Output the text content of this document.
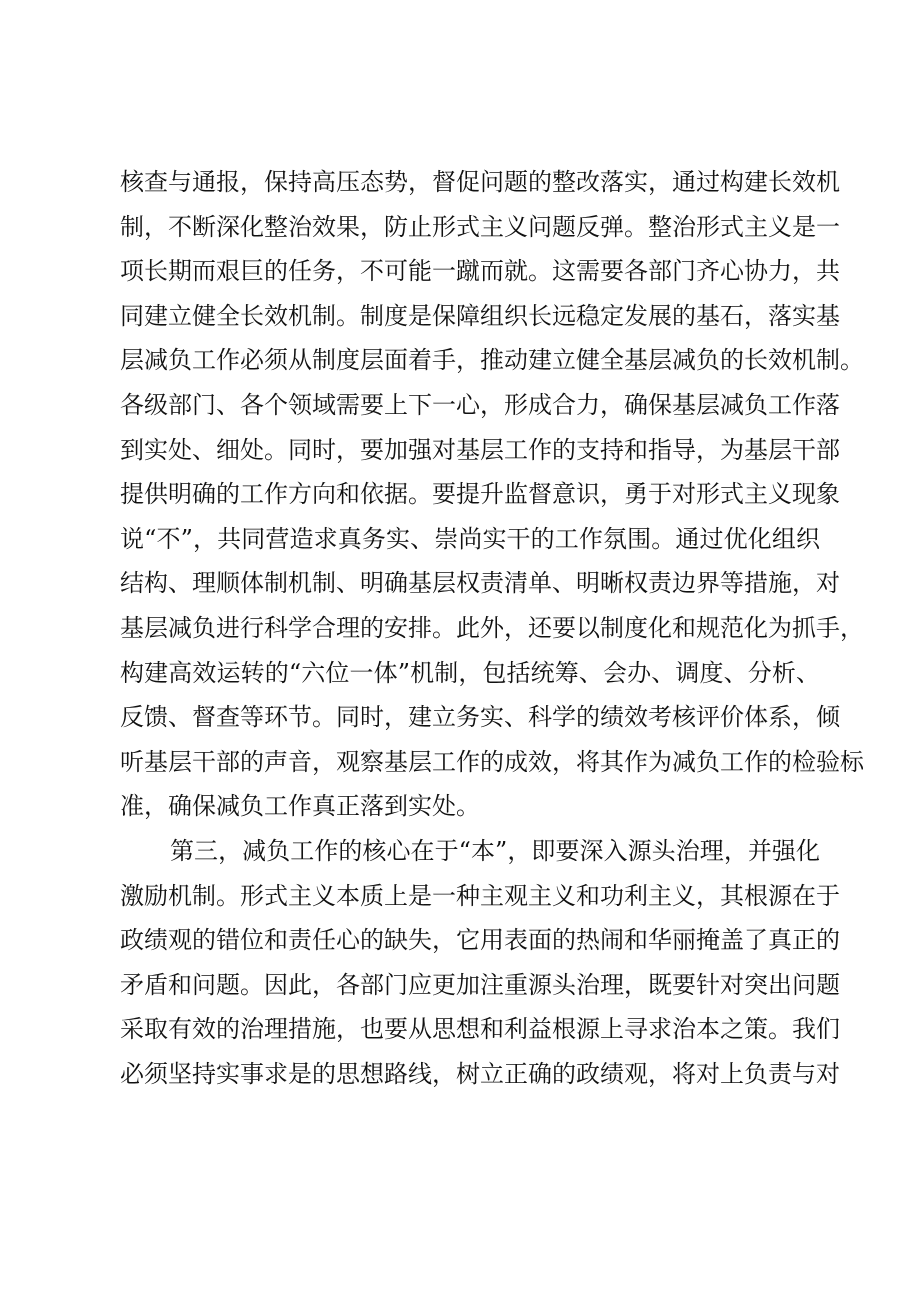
核查与通报，保持高压态势，督促问题的整改落实，通过构建长效机
制，不断深化整治效果，防止形式主义问题反弹。整治形式主义是一
项长期而艰巨的任务，不可能一蹴而就。这需要各部门齐心协力，共
同建立健全长效机制。制度是保障组织长远稳定发展的基石，落实基
层减负工作必须从制度层面着手，推动建立健全基层减负的长效机制。
各级部门、各个领域需要上下一心，形成合力，确保基层减负工作落
到实处、细处。同时，要加强对基层工作的支持和指导，为基层干部
提供明确的工作方向和依据。要提升监督意识，勇于对形式主义现象
说“不”，共同营造求真务实、崇尚实干的工作氛围。通过优化组织
结构、理顺体制机制、明确基层权责清单、明晰权责边界等措施，对
基层减负进行科学合理的安排。此外，还要以制度化和规范化为抓手，
构建高效运转的“六位一体”机制，包括统筹、会办、调度、分析、
反馈、督查等环节。同时，建立务实、科学的绩效考核评价体系，倾
听基层干部的声音，观察基层工作的成效，将其作为减负工作的检验标
准，确保减负工作真正落到实处。
第三，减负工作的核心在于“本”，即要深入源头治理，并强化
激励机制。形式主义本质上是一种主观主义和功利主义，其根源在于
政绩观的错位和责任心的缺失，它用表面的热闹和华丽掩盖了真正的
矛盾和问题。因此，各部门应更加注重源头治理，既要针对突出问题
采取有效的治理措施，也要从思想和利益根源上寻求治本之策。我们
必须坚持实事求是的思想路线，树立正确的政绩观，将对上负责与对
